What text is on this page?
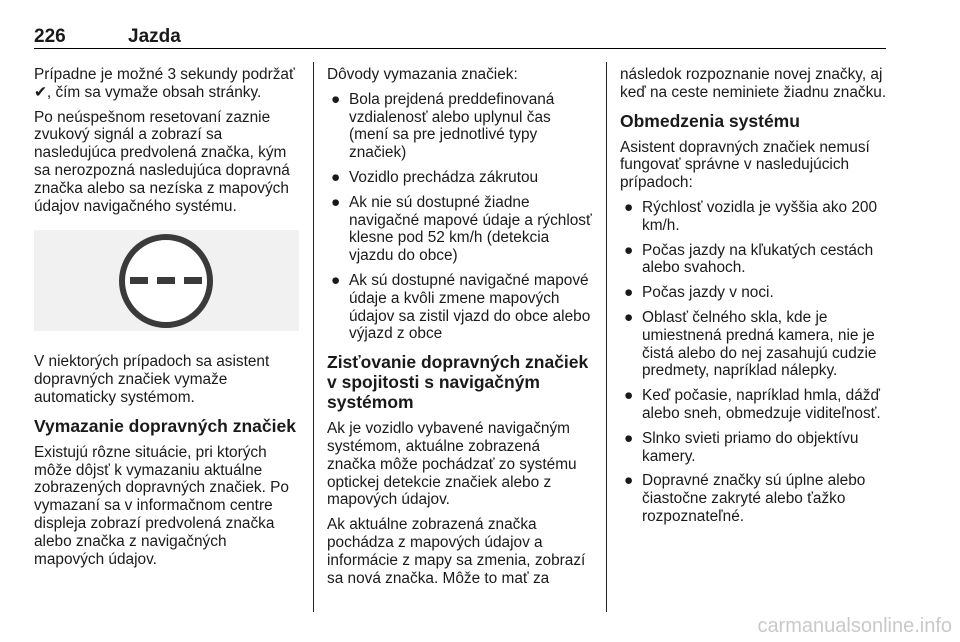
226	Jazda

Prípadne je možné 3 sekundy podržať ✔, čím sa vymaže obsah stránky.

Po neúspešnom resetovaní zaznie zvukový signál a zobrazí sa nasledujúca predvolená značka, kým sa nerozpozná nasledujúca dopravná značka alebo sa nezíska z mapových údajov navigačného systému.

V niektorých prípadoch sa asistent dopravných značiek vymaže automaticky systémom.

Vymazanie dopravných značiek

Existujú rôzne situácie, pri ktorých môže dôjsť k vymazaniu aktuálne zobrazených dopravných značiek. Po vymazaní sa v informačnom centre displeja zobrazí predvolená značka alebo značka z navigačných mapových údajov.

Dôvody vymazania značiek:

● Bola prejdená preddefinovaná vzdialenosť alebo uplynul čas (mení sa pre jednotlivé typy značiek)
● Vozidlo prechádza zákrutou
● Ak nie sú dostupné žiadne navigačné mapové údaje a rýchlosť klesne pod 52 km/h (detekcia vjazdu do obce)
● Ak sú dostupné navigačné mapové údaje a kvôli zmene mapových údajov sa zistil vjazd do obce alebo výjazd z obce
Zisťovanie dopravných značiek v spojitosti s navigačným systémom

Ak je vozidlo vybavené navigačným systémom, aktuálne zobrazená značka môže pochádzať zo systému optickej detekcie značiek alebo z mapových údajov.

Ak aktuálne zobrazená značka pochádza z mapových údajov a informácie z mapy sa zmenia, zobrazí sa nová značka. Môže to mať za

následok rozpoznanie novej značky, aj keď na ceste neminiete žiadnu značku.

Obmedzenia systému

Asistent dopravných značiek nemusí fungovať správne v nasledujúcich prípadoch:

● Rýchlosť vozidla je vyššia ako 200 km/h.
● Počas jazdy na kľukatých cestách alebo svahoch.
● Počas jazdy v noci.
● Oblasť čelného skla, kde je umiestnená predná kamera, nie je čistá alebo do nej zasahujú cudzie predmety, napríklad nálepky.
● Keď počasie, napríklad hmla, dážď alebo sneh, obmedzuje viditeľnosť.
● Slnko svieti priamo do objektívu kamery.
● Dopravné značky sú úplne alebo čiastočne zakryté alebo ťažko rozpoznateľné.
carmanualsonline.info
